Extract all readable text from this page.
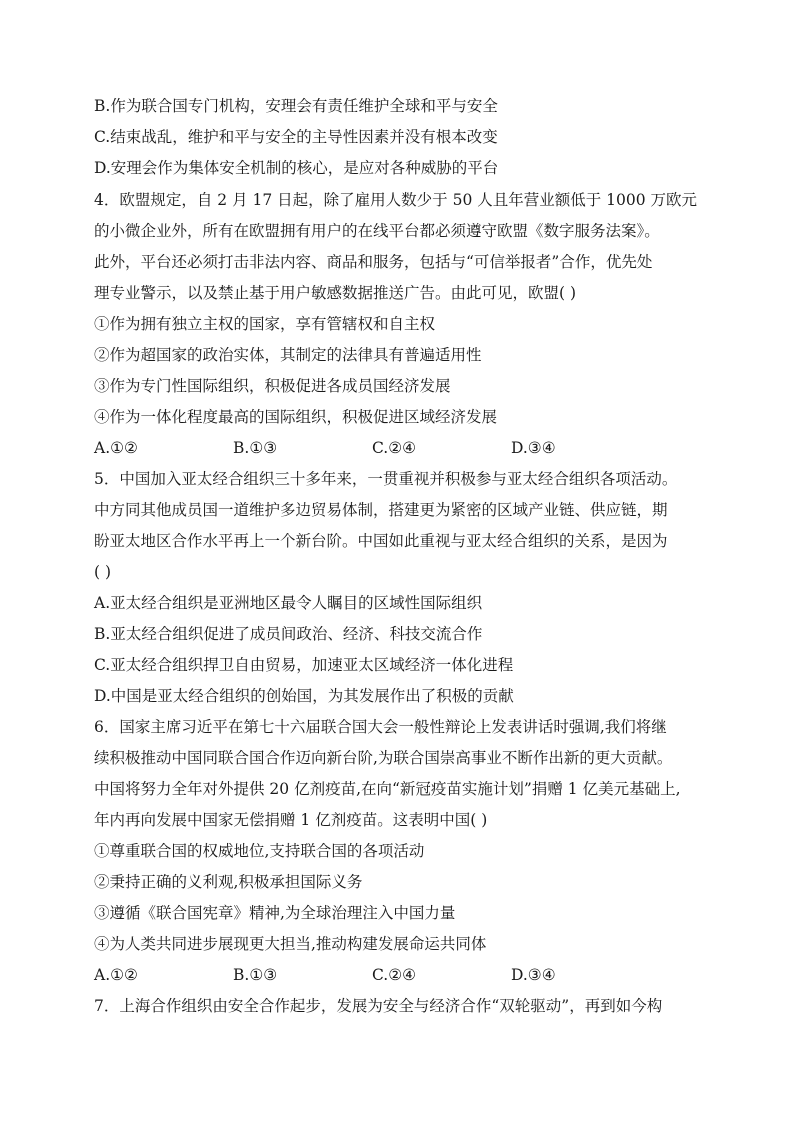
B.作为联合国专门机构，安理会有责任维护全球和平与安全
C.结束战乱，维护和平与安全的主导性因素并没有根本改变
D.安理会作为集体安全机制的核心，是应对各种威胁的平台
4．欧盟规定，自 2 月 17 日起，除了雇用人数少于 50 人且年营业额低于 1000 万欧元
的小微企业外，所有在欧盟拥有用户的在线平台都必须遵守欧盟《数字服务法案》。
此外，平台还必须打击非法内容、商品和服务，包括与“可信举报者”合作，优先处
理专业警示，以及禁止基于用户敏感数据推送广告。由此可见，欧盟( )
①作为拥有独立主权的国家，享有管辖权和自主权
②作为超国家的政治实体，其制定的法律具有普遍适用性
③作为专门性国际组织，积极促进各成员国经济发展
④作为一体化程度最高的国际组织，积极促进区域经济发展
A.①②	B.①③	C.②④	D.③④
5．中国加入亚太经合组织三十多年来，一贯重视并积极参与亚太经合组织各项活动。
中方同其他成员国一道维护多边贸易体制，搭建更为紧密的区域产业链、供应链，期
盼亚太地区合作水平再上一个新台阶。中国如此重视与亚太经合组织的关系，是因为
( )
A.亚太经合组织是亚洲地区最令人瞩目的区域性国际组织
B.亚太经合组织促进了成员间政治、经济、科技交流合作
C.亚太经合组织捍卫自由贸易，加速亚太区域经济一体化进程
D.中国是亚太经合组织的创始国，为其发展作出了积极的贡献
6．国家主席习近平在第七十六届联合国大会一般性辩论上发表讲话时强调,我们将继
续积极推动中国同联合国合作迈向新台阶,为联合国崇高事业不断作出新的更大贡献。
中国将努力全年对外提供 20 亿剂疫苗,在向“新冠疫苗实施计划”捐赠 1 亿美元基础上,
年内再向发展中国家无偿捐赠 1 亿剂疫苗。这表明中国( )
①尊重联合国的权威地位,支持联合国的各项活动
②秉持正确的义利观,积极承担国际义务
③遵循《联合国宪章》精神,为全球治理注入中国力量
④为人类共同进步展现更大担当,推动构建发展命运共同体
A.①②	B.①③	C.②④	D.③④
7．上海合作组织由安全合作起步，发展为安全与经济合作“双轮驱动”，再到如今构
